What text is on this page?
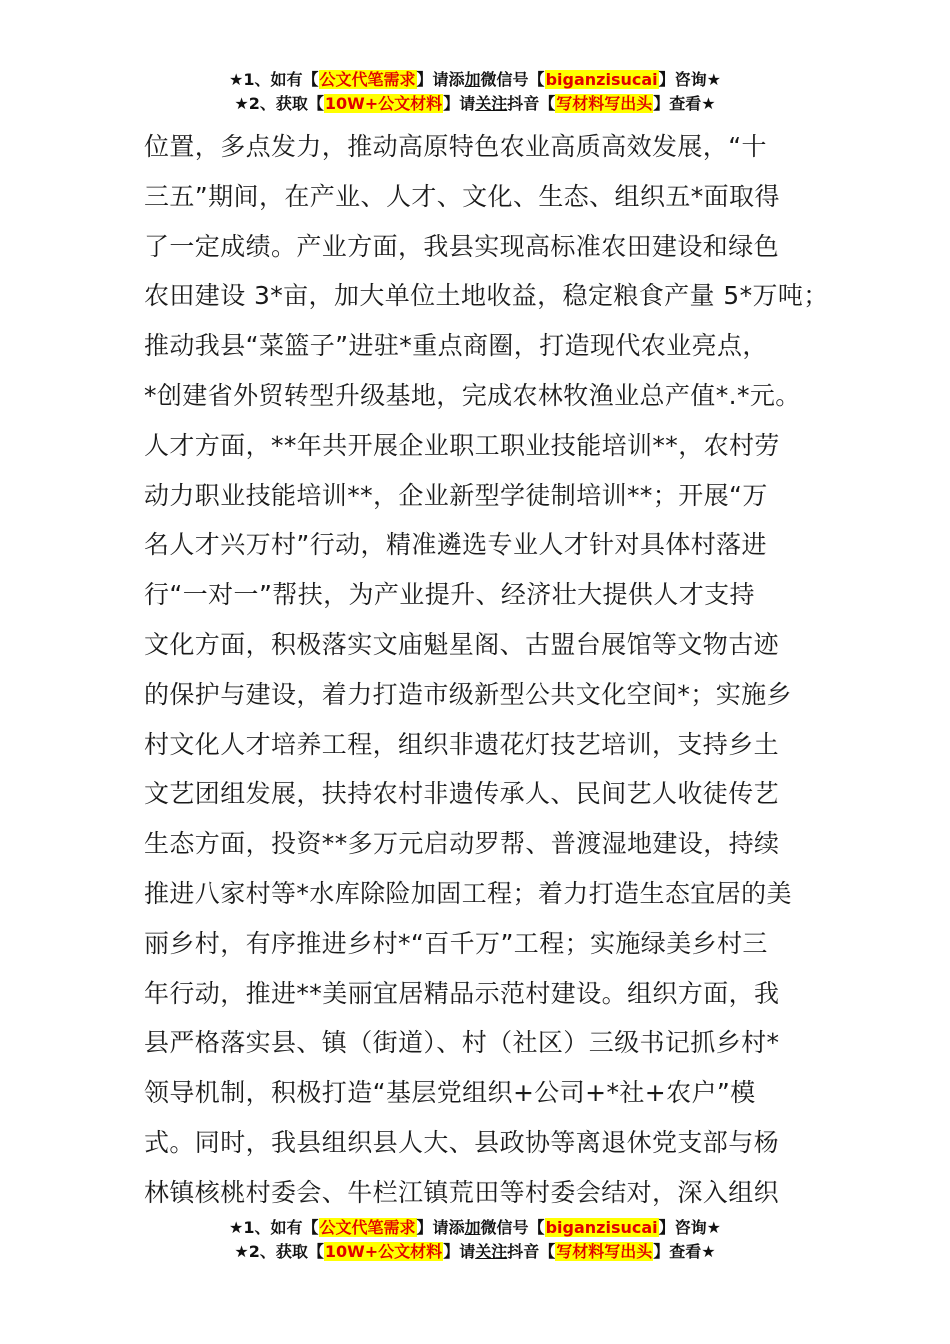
★1、如有【公文代笔需求】请添加微信号【biganzisucai】咨询★
★2、获取【10W+公文材料】请关注抖音【写材料写出头】查看★
位置，多点发力，推动高原特色农业高质高效发展，“十
三五”期间，在产业、人才、文化、生态、组织五*面取得
了一定成绩。产业方面，我县实现高标准农田建设和绿色
农田建设 3*亩，加大单位土地收益，稳定粮食产量 5*万吨；
推动我县“菜篮子”进驻*重点商圈，打造现代农业亮点，
*创建省外贸转型升级基地，完成农林牧渔业总产值*.*元。
人才方面，**年共开展企业职工职业技能培训**，农村劳
动力职业技能培训**，企业新型学徒制培训**；开展“万
名人才兴万村”行动，精准遴选专业人才针对具体村落进
行“一对一”帮扶，为产业提升、经济壮大提供人才支持
文化方面，积极落实文庙魁星阁、古盟台展馆等文物古迹
的保护与建设，着力打造市级新型公共文化空间*；实施乡
村文化人才培养工程，组织非遗花灯技艺培训，支持乡土
文艺团组发展，扶持农村非遗传承人、民间艺人收徒传艺
生态方面，投资**多万元启动罗帮、普渡湿地建设，持续
推进八家村等*水库除险加固工程；着力打造生态宜居的美
丽乡村，有序推进乡村*“百千万”工程；实施绿美乡村三
年行动，推进**美丽宜居精品示范村建设。组织方面，我
县严格落实县、镇（街道）、村（社区）三级书记抓乡村*
领导机制，积极打造“基层党组织+公司+*社+农户”模
式。同时，我县组织县人大、县政协等离退休党支部与杨
林镇核桃村委会、牛栏江镇荒田等村委会结对，深入组织
★1、如有【公文代笔需求】请添加微信号【biganzisucai】咨询★
★2、获取【10W+公文材料】请关注抖音【写材料写出头】查看★
